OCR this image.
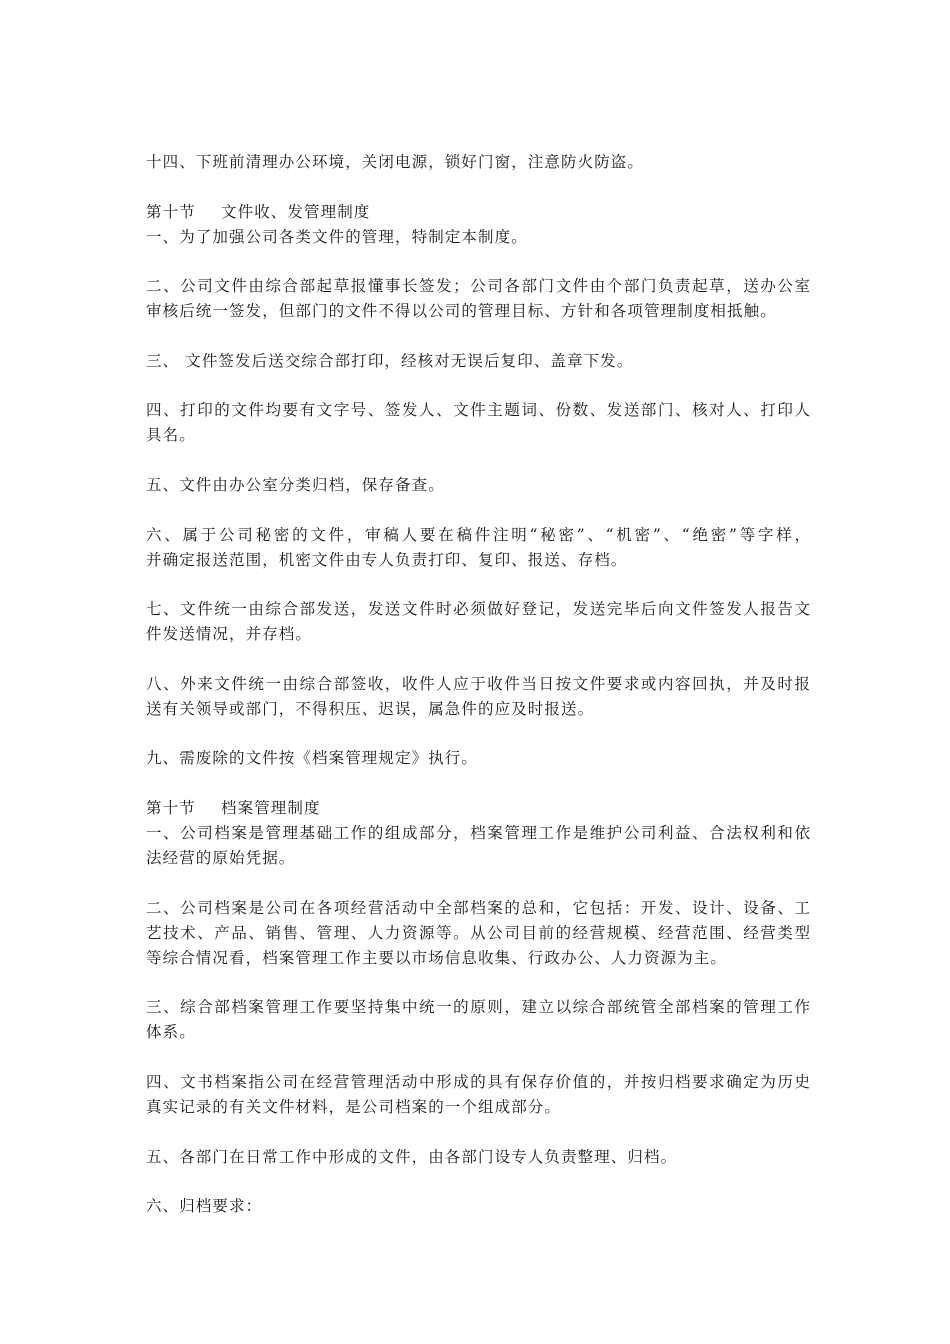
十四、下班前清理办公环境，关闭电源，锁好门窗，注意防火防盗。
第十节 文件收、发管理制度
一、为了加强公司各类文件的管理，特制定本制度。
二、公司文件由综合部起草报懂事长签发；公司各部门文件由个部门负责起草，送办公室
审核后统一签发，但部门的文件不得以公司的管理目标、方针和各项管理制度相抵触。
三、 文件签发后送交综合部打印，经核对无误后复印、盖章下发。
四、打印的文件均要有文字号、签发人、文件主题词、份数、发送部门、核对人、打印人
具名。
五、文件由办公室分类归档，保存备查。
六、属于公司秘密的文件，审稿人要在稿件注明“秘密”、“机密”、“绝密”等字样，
并确定报送范围，机密文件由专人负责打印、复印、报送、存档。
七、文件统一由综合部发送，发送文件时必须做好登记，发送完毕后向文件签发人报告文
件发送情况，并存档。
八、外来文件统一由综合部签收，收件人应于收件当日按文件要求或内容回执，并及时报
送有关领导或部门，不得积压、迟误，属急件的应及时报送。
九、需废除的文件按《档案管理规定》执行。
第十节 档案管理制度
一、公司档案是管理基础工作的组成部分，档案管理工作是维护公司利益、合法权利和依
法经营的原始凭据。
二、公司档案是公司在各项经营活动中全部档案的总和，它包括：开发、设计、设备、工
艺技术、产品、销售、管理、人力资源等。从公司目前的经营规模、经营范围、经营类型
等综合情况看，档案管理工作主要以市场信息收集、行政办公、人力资源为主。
三、综合部档案管理工作要坚持集中统一的原则，建立以综合部统管全部档案的管理工作
体系。
四、文书档案指公司在经营管理活动中形成的具有保存价值的，并按归档要求确定为历史
真实记录的有关文件材料，是公司档案的一个组成部分。
五、各部门在日常工作中形成的文件，由各部门设专人负责整理、归档。
六、归档要求：
